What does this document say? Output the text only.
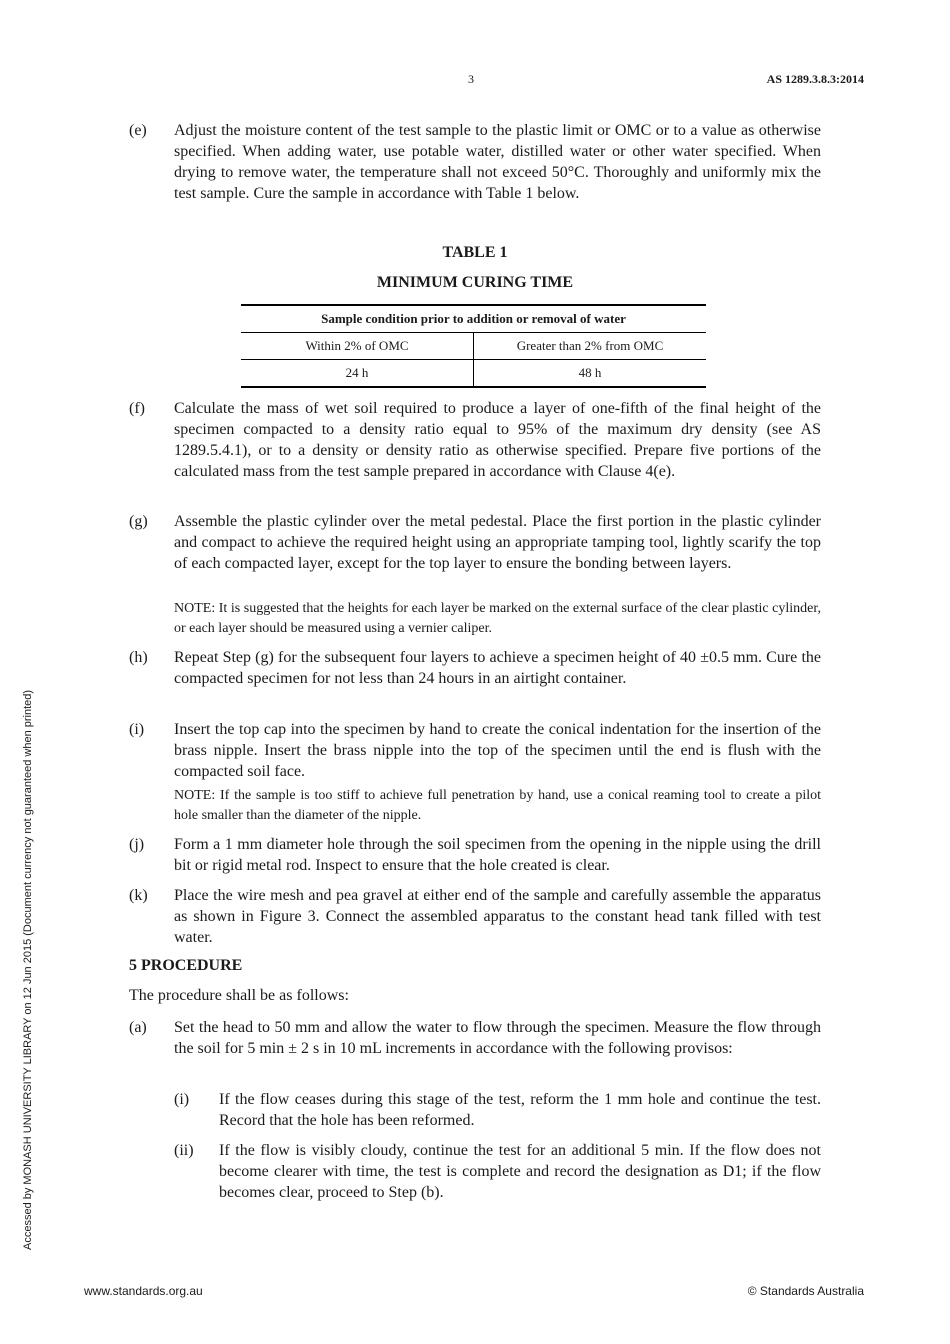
3	AS 1289.3.8.3:2014
Accessed by MONASH UNIVERSITY LIBRARY on 12 Jun 2015 (Document currency not guaranteed when printed)
(e) Adjust the moisture content of the test sample to the plastic limit or OMC or to a value as otherwise specified. When adding water, use potable water, distilled water or other water specified. When drying to remove water, the temperature shall not exceed 50°C. Thoroughly and uniformly mix the test sample. Cure the sample in accordance with Table 1 below.
TABLE 1
MINIMUM CURING TIME
Sample condition prior to addition or removal of water	
Within 2% of OMC	Greater than 2% from OMC
24 h	48 h
(f) Calculate the mass of wet soil required to produce a layer of one-fifth of the final height of the specimen compacted to a density ratio equal to 95% of the maximum dry density (see AS 1289.5.4.1), or to a density or density ratio as otherwise specified. Prepare five portions of the calculated mass from the test sample prepared in accordance with Clause 4(e).
(g) Assemble the plastic cylinder over the metal pedestal. Place the first portion in the plastic cylinder and compact to achieve the required height using an appropriate tamping tool, lightly scarify the top of each compacted layer, except for the top layer to ensure the bonding between layers.
NOTE: It is suggested that the heights for each layer be marked on the external surface of the clear plastic cylinder, or each layer should be measured using a vernier caliper.
(h) Repeat Step (g) for the subsequent four layers to achieve a specimen height of 40 ±0.5 mm. Cure the compacted specimen for not less than 24 hours in an airtight container.
(i) Insert the top cap into the specimen by hand to create the conical indentation for the insertion of the brass nipple. Insert the brass nipple into the top of the specimen until the end is flush with the compacted soil face.
NOTE: If the sample is too stiff to achieve full penetration by hand, use a conical reaming tool to create a pilot hole smaller than the diameter of the nipple.
(j) Form a 1 mm diameter hole through the soil specimen from the opening in the nipple using the drill bit or rigid metal rod. Inspect to ensure that the hole created is clear.
(k) Place the wire mesh and pea gravel at either end of the sample and carefully assemble the apparatus as shown in Figure 3. Connect the assembled apparatus to the constant head tank filled with test water.
5 PROCEDURE
The procedure shall be as follows:
(a) Set the head to 50 mm and allow the water to flow through the specimen. Measure the flow through the soil for 5 min ± 2 s in 10 mL increments in accordance with the following provisos:
(i) If the flow ceases during this stage of the test, reform the 1 mm hole and continue the test. Record that the hole has been reformed.
(ii) If the flow is visibly cloudy, continue the test for an additional 5 min. If the flow does not become clearer with time, the test is complete and record the designation as D1; if the flow becomes clear, proceed to Step (b).
www.standards.org.au	© Standards Australia
